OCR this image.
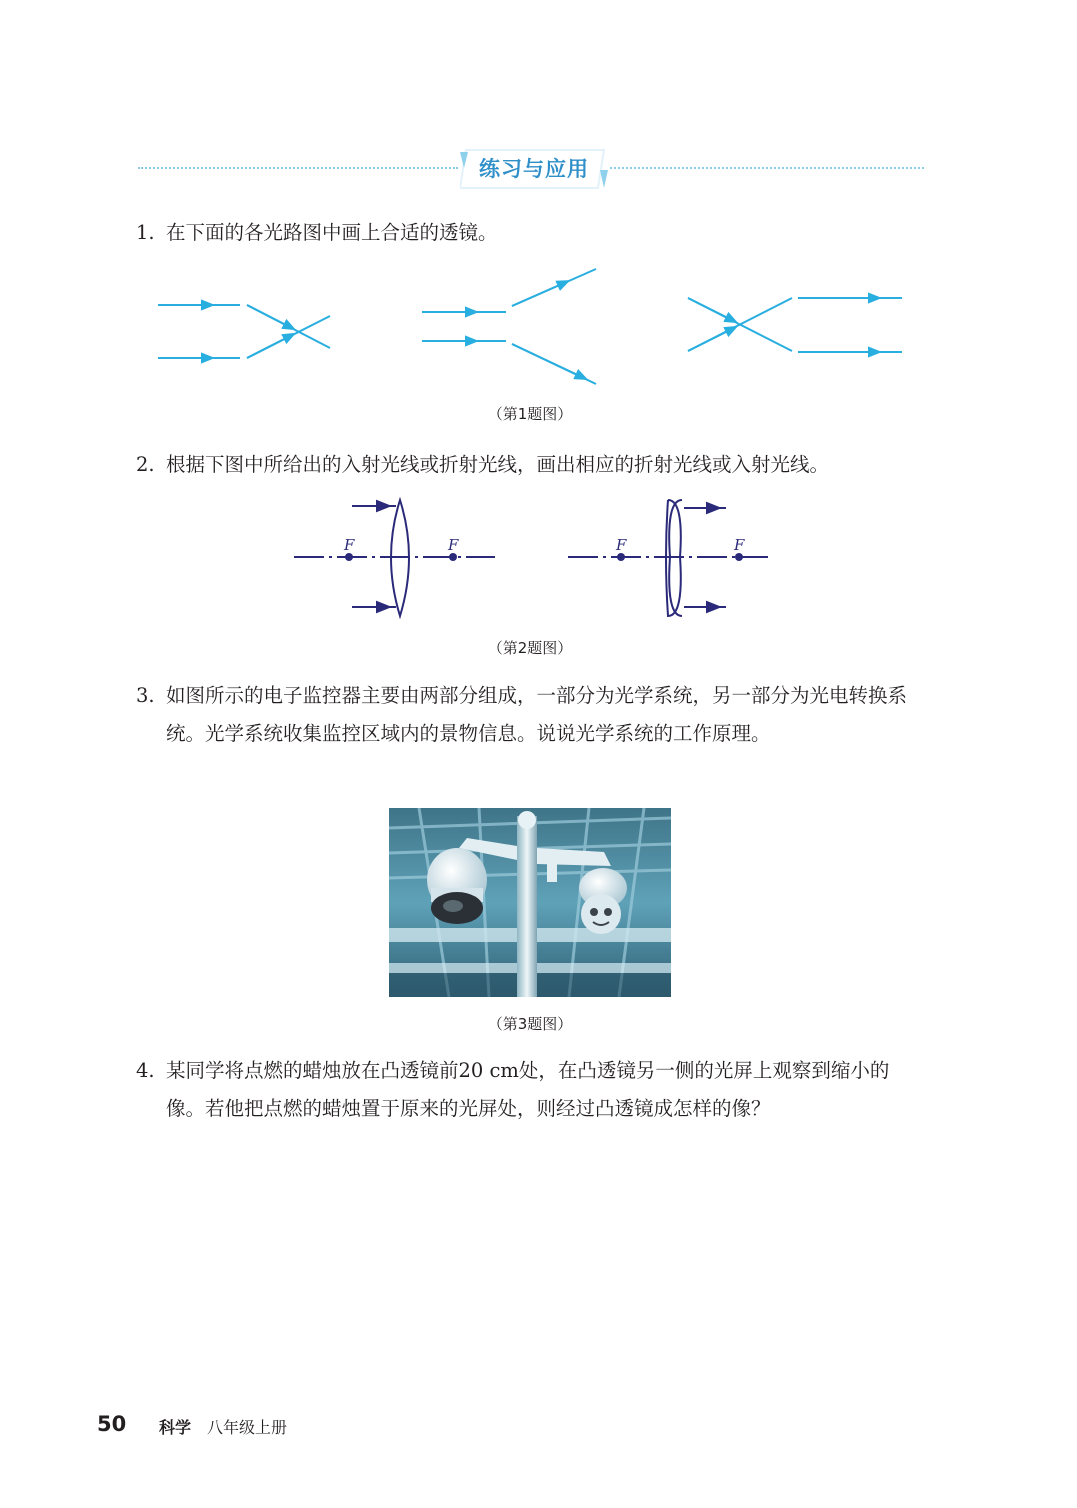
练习与应用
1. 在下面的各光路图中画上合适的透镜。
（第1题图）
2. 根据下图中所给出的入射光线或折射光线，画出相应的折射光线或入射光线。
F	F	F	F
（第2题图）
3. 如图所示的电子监控器主要由两部分组成，一部分为光学系统，另一部分为光电转换系统。光学系统收集监控区域内的景物信息。说说光学系统的工作原理。
（第3题图）
4. 某同学将点燃的蜡烛放在凸透镜前20 cm处，在凸透镜另一侧的光屏上观察到缩小的像。若他把点燃的蜡烛置于原来的光屏处，则经过凸透镜成怎样的像？
50 科学 八年级上册
